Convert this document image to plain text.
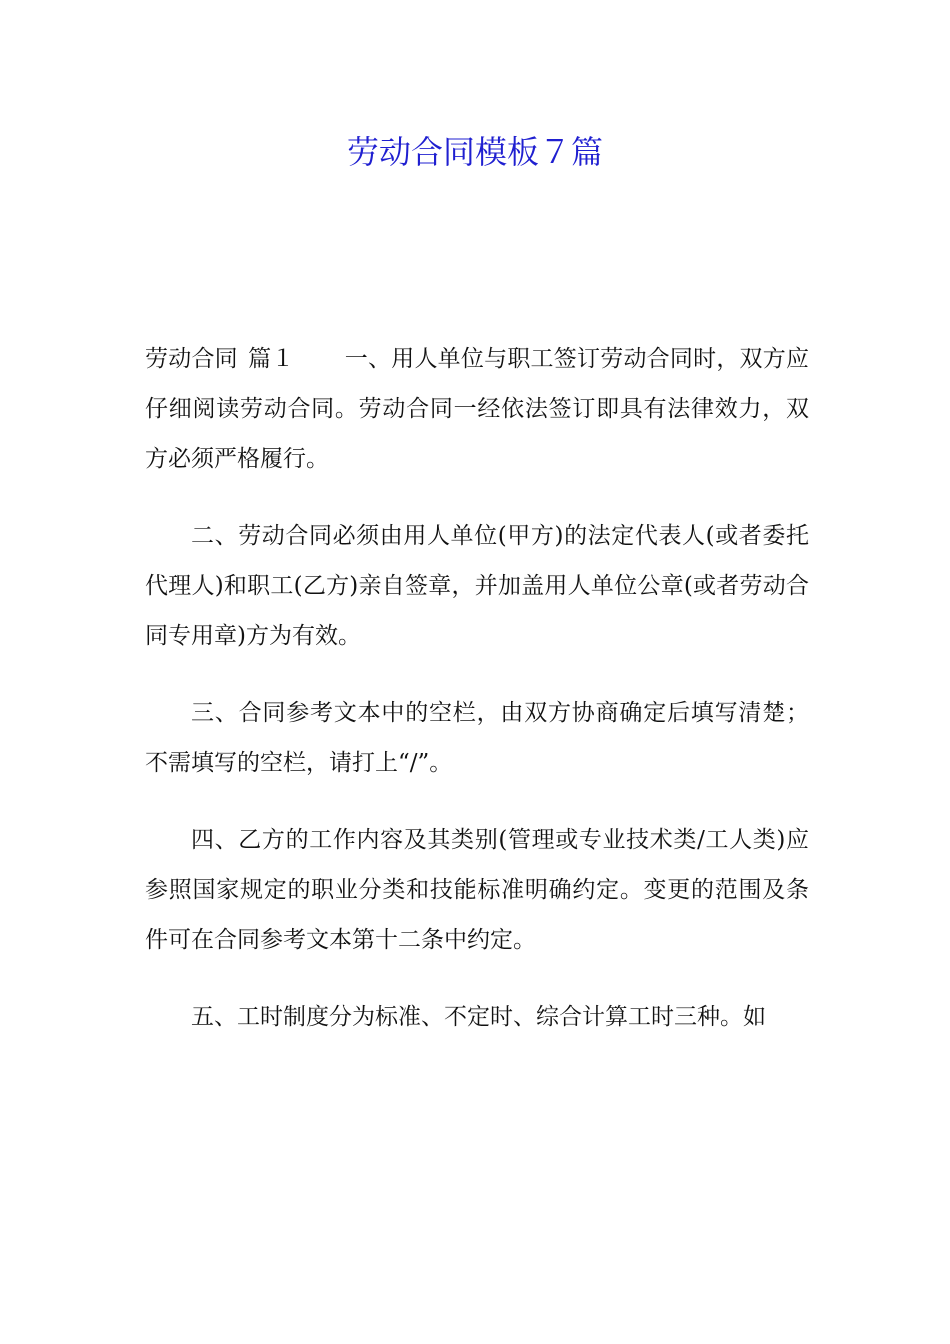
劳动合同模板７篇

劳动合同 篇１ 一、用人单位与职工签订劳动合同时，双方应仔细阅读劳动合同。劳动合同一经依法签订即具有法律效力，双方必须严格履行。

二、劳动合同必须由用人单位(甲方)的法定代表人(或者委托代理人)和职工(乙方)亲自签章，并加盖用人单位公章(或者劳动合同专用章)方为有效。

三、合同参考文本中的空栏，由双方协商确定后填写清楚；不需填写的空栏，请打上“/”。

四、乙方的工作内容及其类别(管理或专业技术类/工人类)应参照国家规定的职业分类和技能标准明确约定。变更的范围及条件可在合同参考文本第十二条中约定。

五、工时制度分为标准、不定时、综合计算工时三种。如
